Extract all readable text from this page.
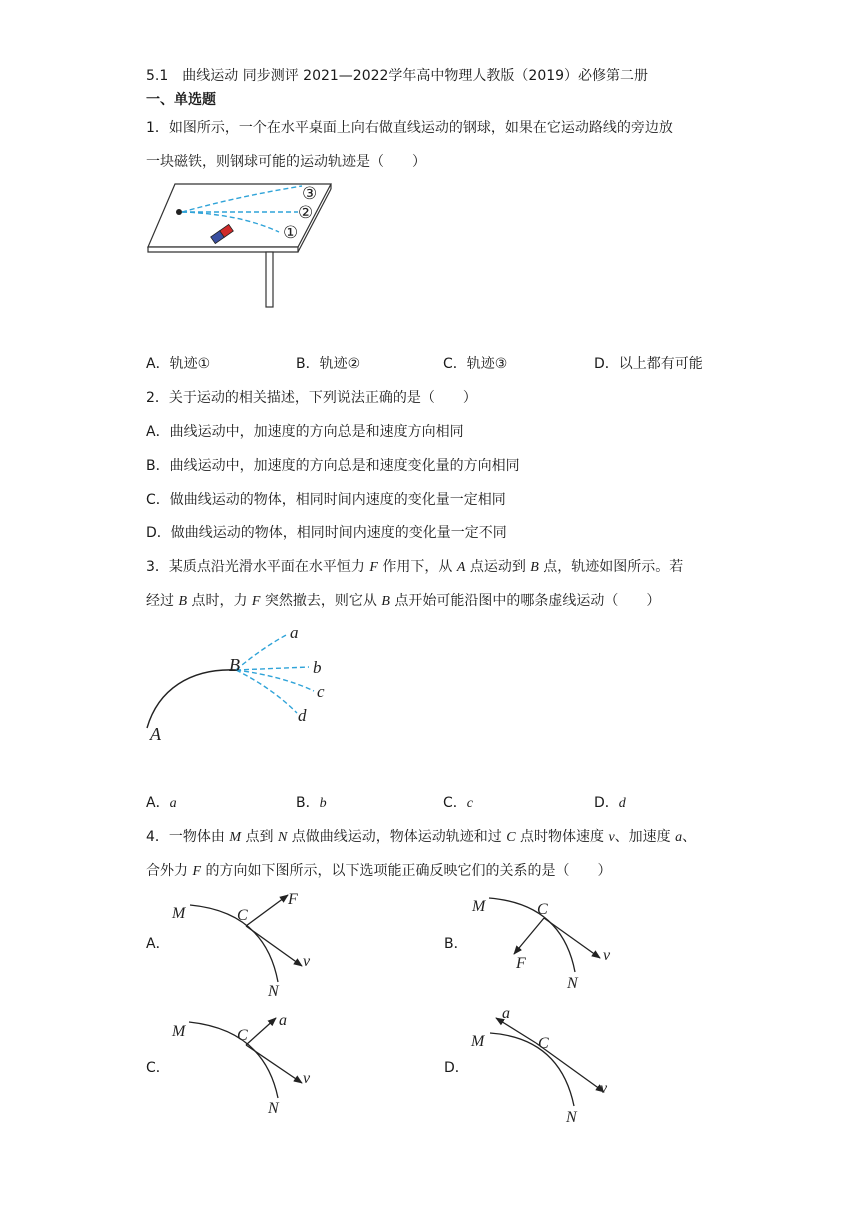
5.1　曲线运动 同步测评 2021—2022学年高中物理人教版（2019）必修第二册
一、单选题
1．如图所示，一个在水平桌面上向右做直线运动的钢球，如果在它运动路线的旁边放
一块磁铁，则钢球可能的运动轨迹是（　　）
③
②
①
A．轨迹①	B．轨迹②	C．轨迹③	D．以上都有可能
2．关于运动的相关描述，下列说法正确的是（　　）
A．曲线运动中，加速度的方向总是和速度方向相同
B．曲线运动中，加速度的方向总是和速度变化量的方向相同
C．做曲线运动的物体，相同时间内速度的变化量一定相同
D．做曲线运动的物体，相同时间内速度的变化量一定不同
3．某质点沿光滑水平面在水平恒力 F 作用下，从 A 点运动到 B 点，轨迹如图所示。若
经过 B 点时，力 F 突然撤去，则它从 B 点开始可能沿图中的哪条虚线运动（　　）
a
b
c
d
B
A
A．a	B．b	C．c	D．d
4．一物体由 M 点到 N 点做曲线运动，物体运动轨迹和过 C 点时物体速度 v、加速度 a、
合外力 F 的方向如下图所示，以下选项能正确反映它们的关系的是（　　）
A．	B．
C．	D．
M	C
F
v
N
M	C
F	v
N
M	C
a
v
N
a
M	C
v
N
